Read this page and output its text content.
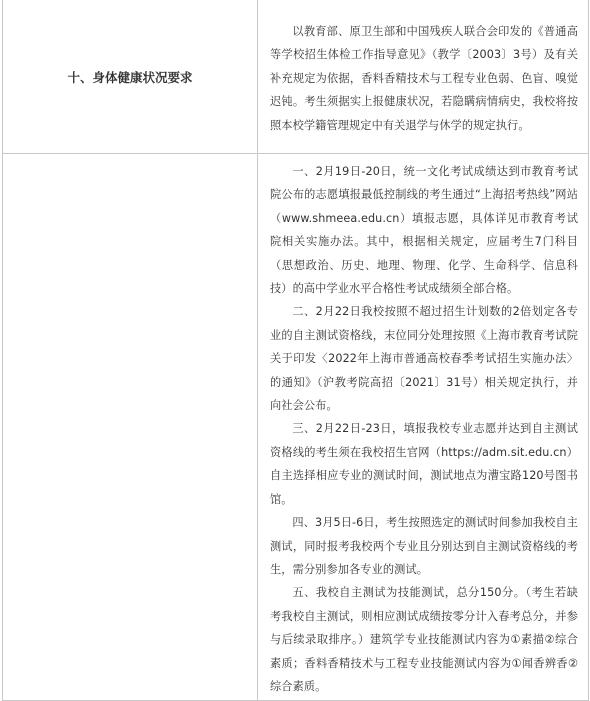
十、身体健康状况要求	以教育部、原卫生部和中国残疾人联合会印发的《普通高等学校招生体检工作指导意见》（教学〔2003〕3号）及有关补充规定为依据，香料香精技术与工程专业色弱、色盲、嗅觉迟钝。考生须据实上报健康状况，若隐瞒病情病史，我校将按照本校学籍管理规定中有关退学与休学的规定执行。

	一、2月19日-20日，统一文化考试成绩达到市教育考试院公布的志愿填报最低控制线的考生通过“上海招考热线”网站（www.shmeea.edu.cn）填报志愿，具体详见市教育考试院相关实施办法。其中，根据相关规定，应届考生7门科目（思想政治、历史、地理、物理、化学、生命科学、信息科技）的高中学业水平合格性考试成绩须全部合格。

二、2月22日我校按照不超过招生计划数的2倍划定各专业的自主测试资格线，末位同分处理按照《上海市教育考试院关于印发〈2022年上海市普通高校春季考试招生实施办法〉的通知》（沪教考院高招〔2021〕31号）相关规定执行，并向社会公布。

三、2月22日-23日，填报我校专业志愿并达到自主测试资格线的考生须在我校招生官网（https://adm.sit.edu.cn）自主选择相应专业的测试时间，测试地点为漕宝路120号图书馆。

四、3月5日-6日，考生按照选定的测试时间参加我校自主测试，同时报考我校两个专业且分别达到自主测试资格线的考生，需分别参加各专业的测试。

五、我校自主测试为技能测试，总分150分。（考生若缺考我校自主测试，则相应测试成绩按零分计入春考总分，并参与后续录取排序。）建筑学专业技能测试内容为①素描②综合素质；香料香精技术与工程专业技能测试内容为①闻香辨香②综合素质。
